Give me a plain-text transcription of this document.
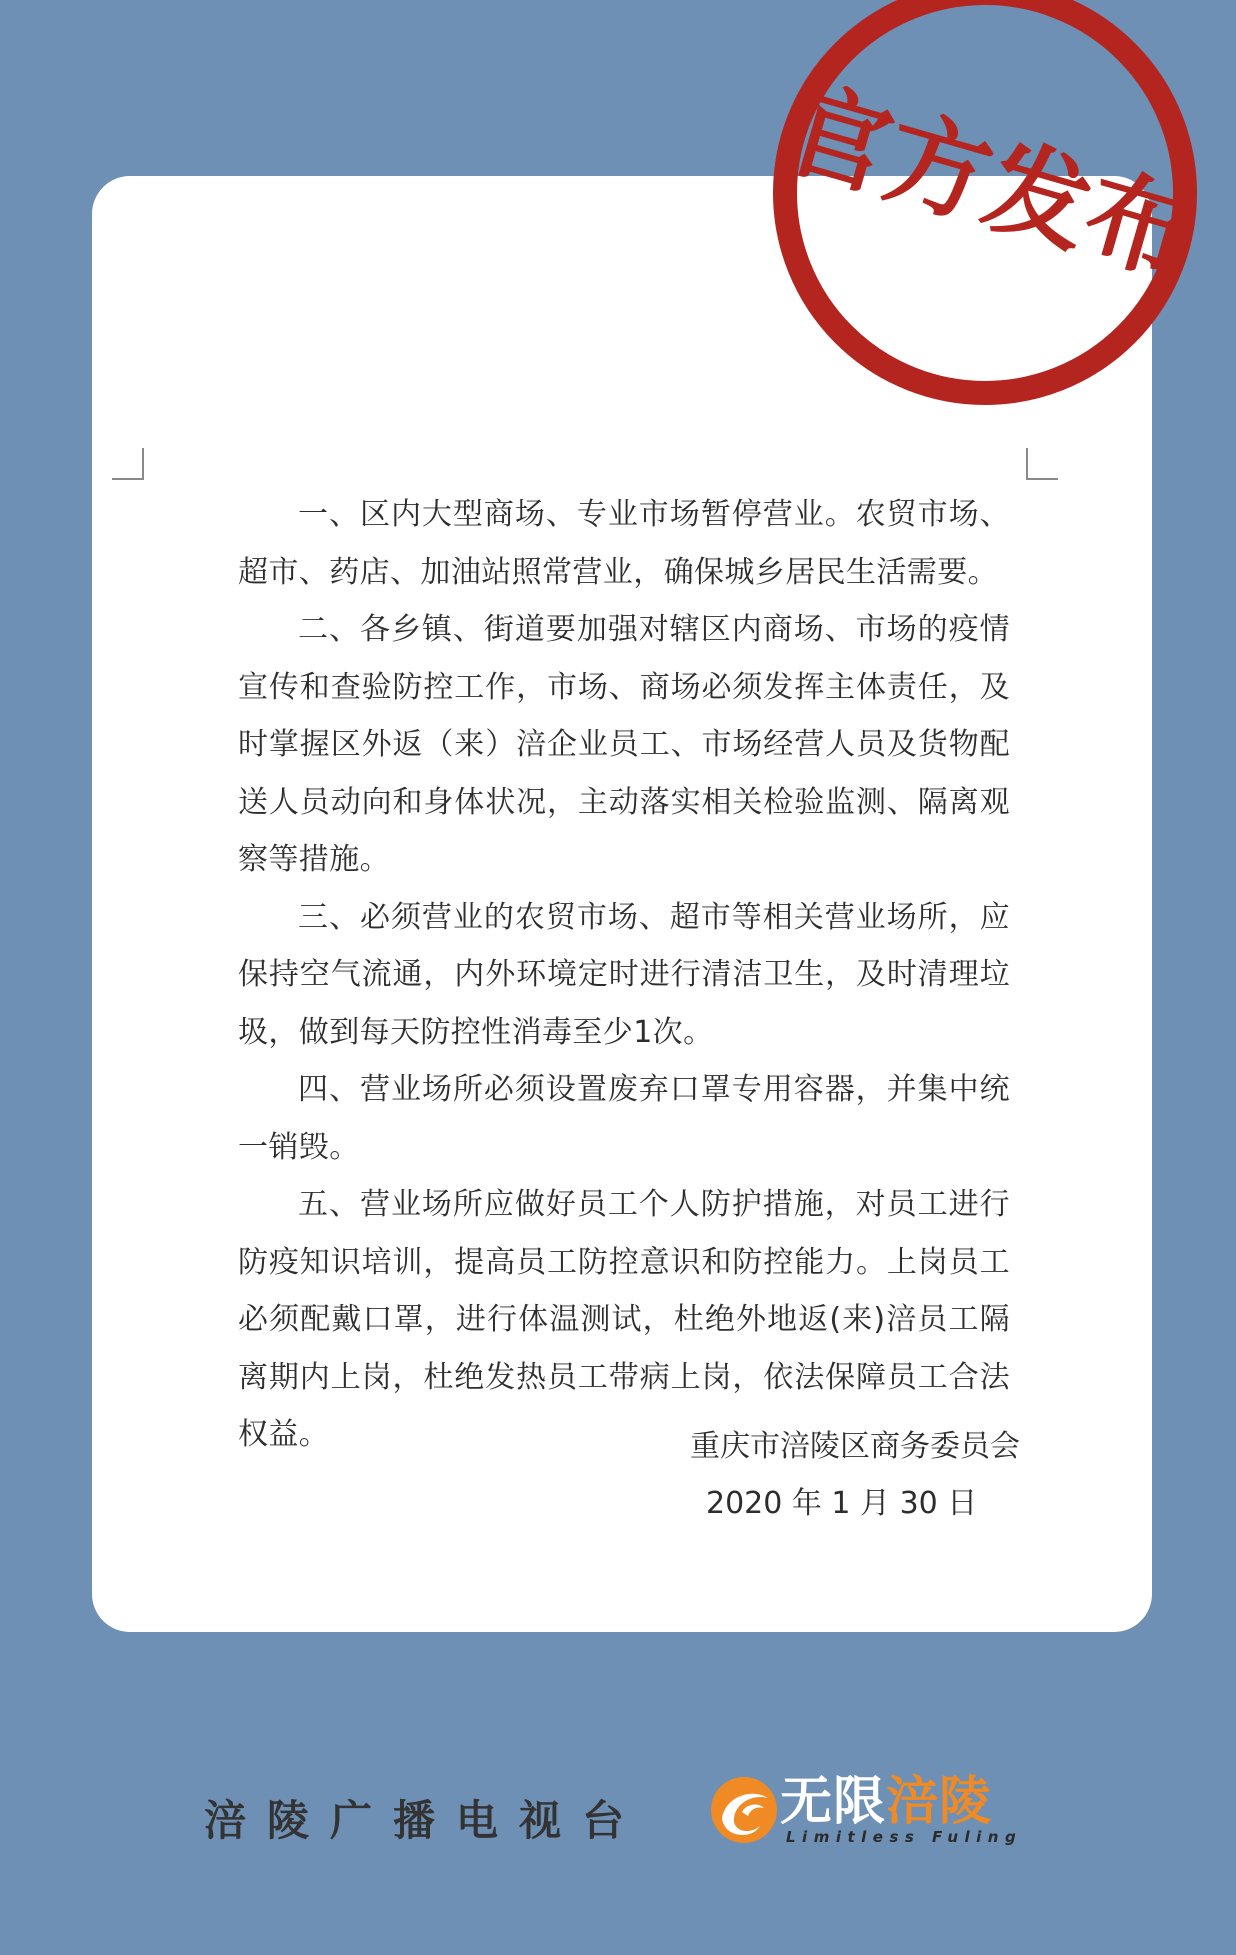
一、区内大型商场、专业市场暂停营业。农贸市场、超市、药店、加油站照常营业，确保城乡居民生活需要。

二、各乡镇、街道要加强对辖区内商场、市场的疫情宣传和查验防控工作，市场、商场必须发挥主体责任，及时掌握区外返（来）涪企业员工、市场经营人员及货物配送人员动向和身体状况，主动落实相关检验监测、隔离观察等措施。

三、必须营业的农贸市场、超市等相关营业场所，应保持空气流通，内外环境定时进行清洁卫生，及时清理垃圾，做到每天防控性消毒至少1次。

四、营业场所必须设置废弃口罩专用容器，并集中统一销毁。

五、营业场所应做好员工个人防护措施，对员工进行防疫知识培训，提高员工防控意识和防控能力。上岗员工必须配戴口罩，进行体温测试，杜绝外地返(来)涪员工隔离期内上岗，杜绝发热员工带病上岗，依法保障员工合法权益。	重庆市涪陵区商务委员会
2020 年 1 月 30 日
官方发布
涪陵广播电视台	无限涪陵
Limitless Fuling
